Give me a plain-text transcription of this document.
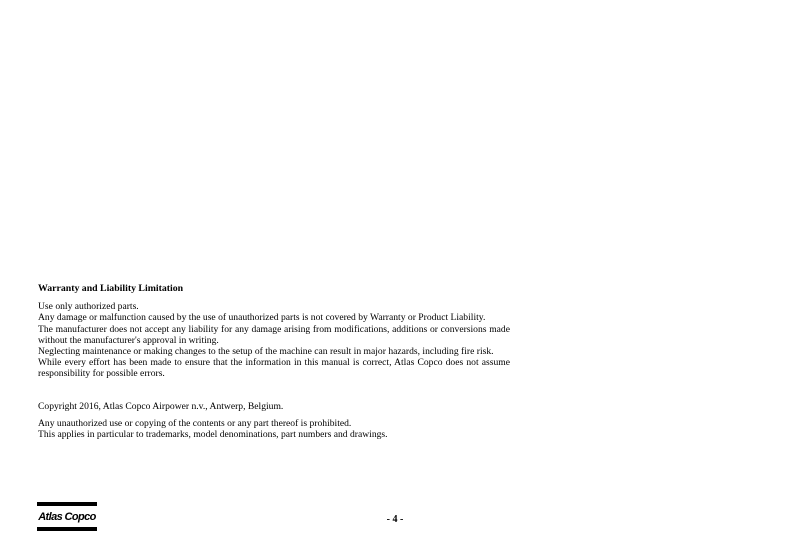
Warranty and Liability Limitation

Use only authorized parts.

Any damage or malfunction caused by the use of unauthorized parts is not covered by Warranty or Product Liability.

The manufacturer does not accept any liability for any damage arising from modifications, additions or conversions made without the manufacturer's approval in writing.

Neglecting maintenance or making changes to the setup of the machine can result in major hazards, including fire risk.

While every effort has been made to ensure that the information in this manual is correct, Atlas Copco does not assume responsibility for possible errors.

Copyright 2016, Atlas Copco Airpower n.v., Antwerp, Belgium.

Any unauthorized use or copying of the contents or any part thereof is prohibited.

This applies in particular to trademarks, model denominations, part numbers and drawings.

Atlas Copco	- 4 -
